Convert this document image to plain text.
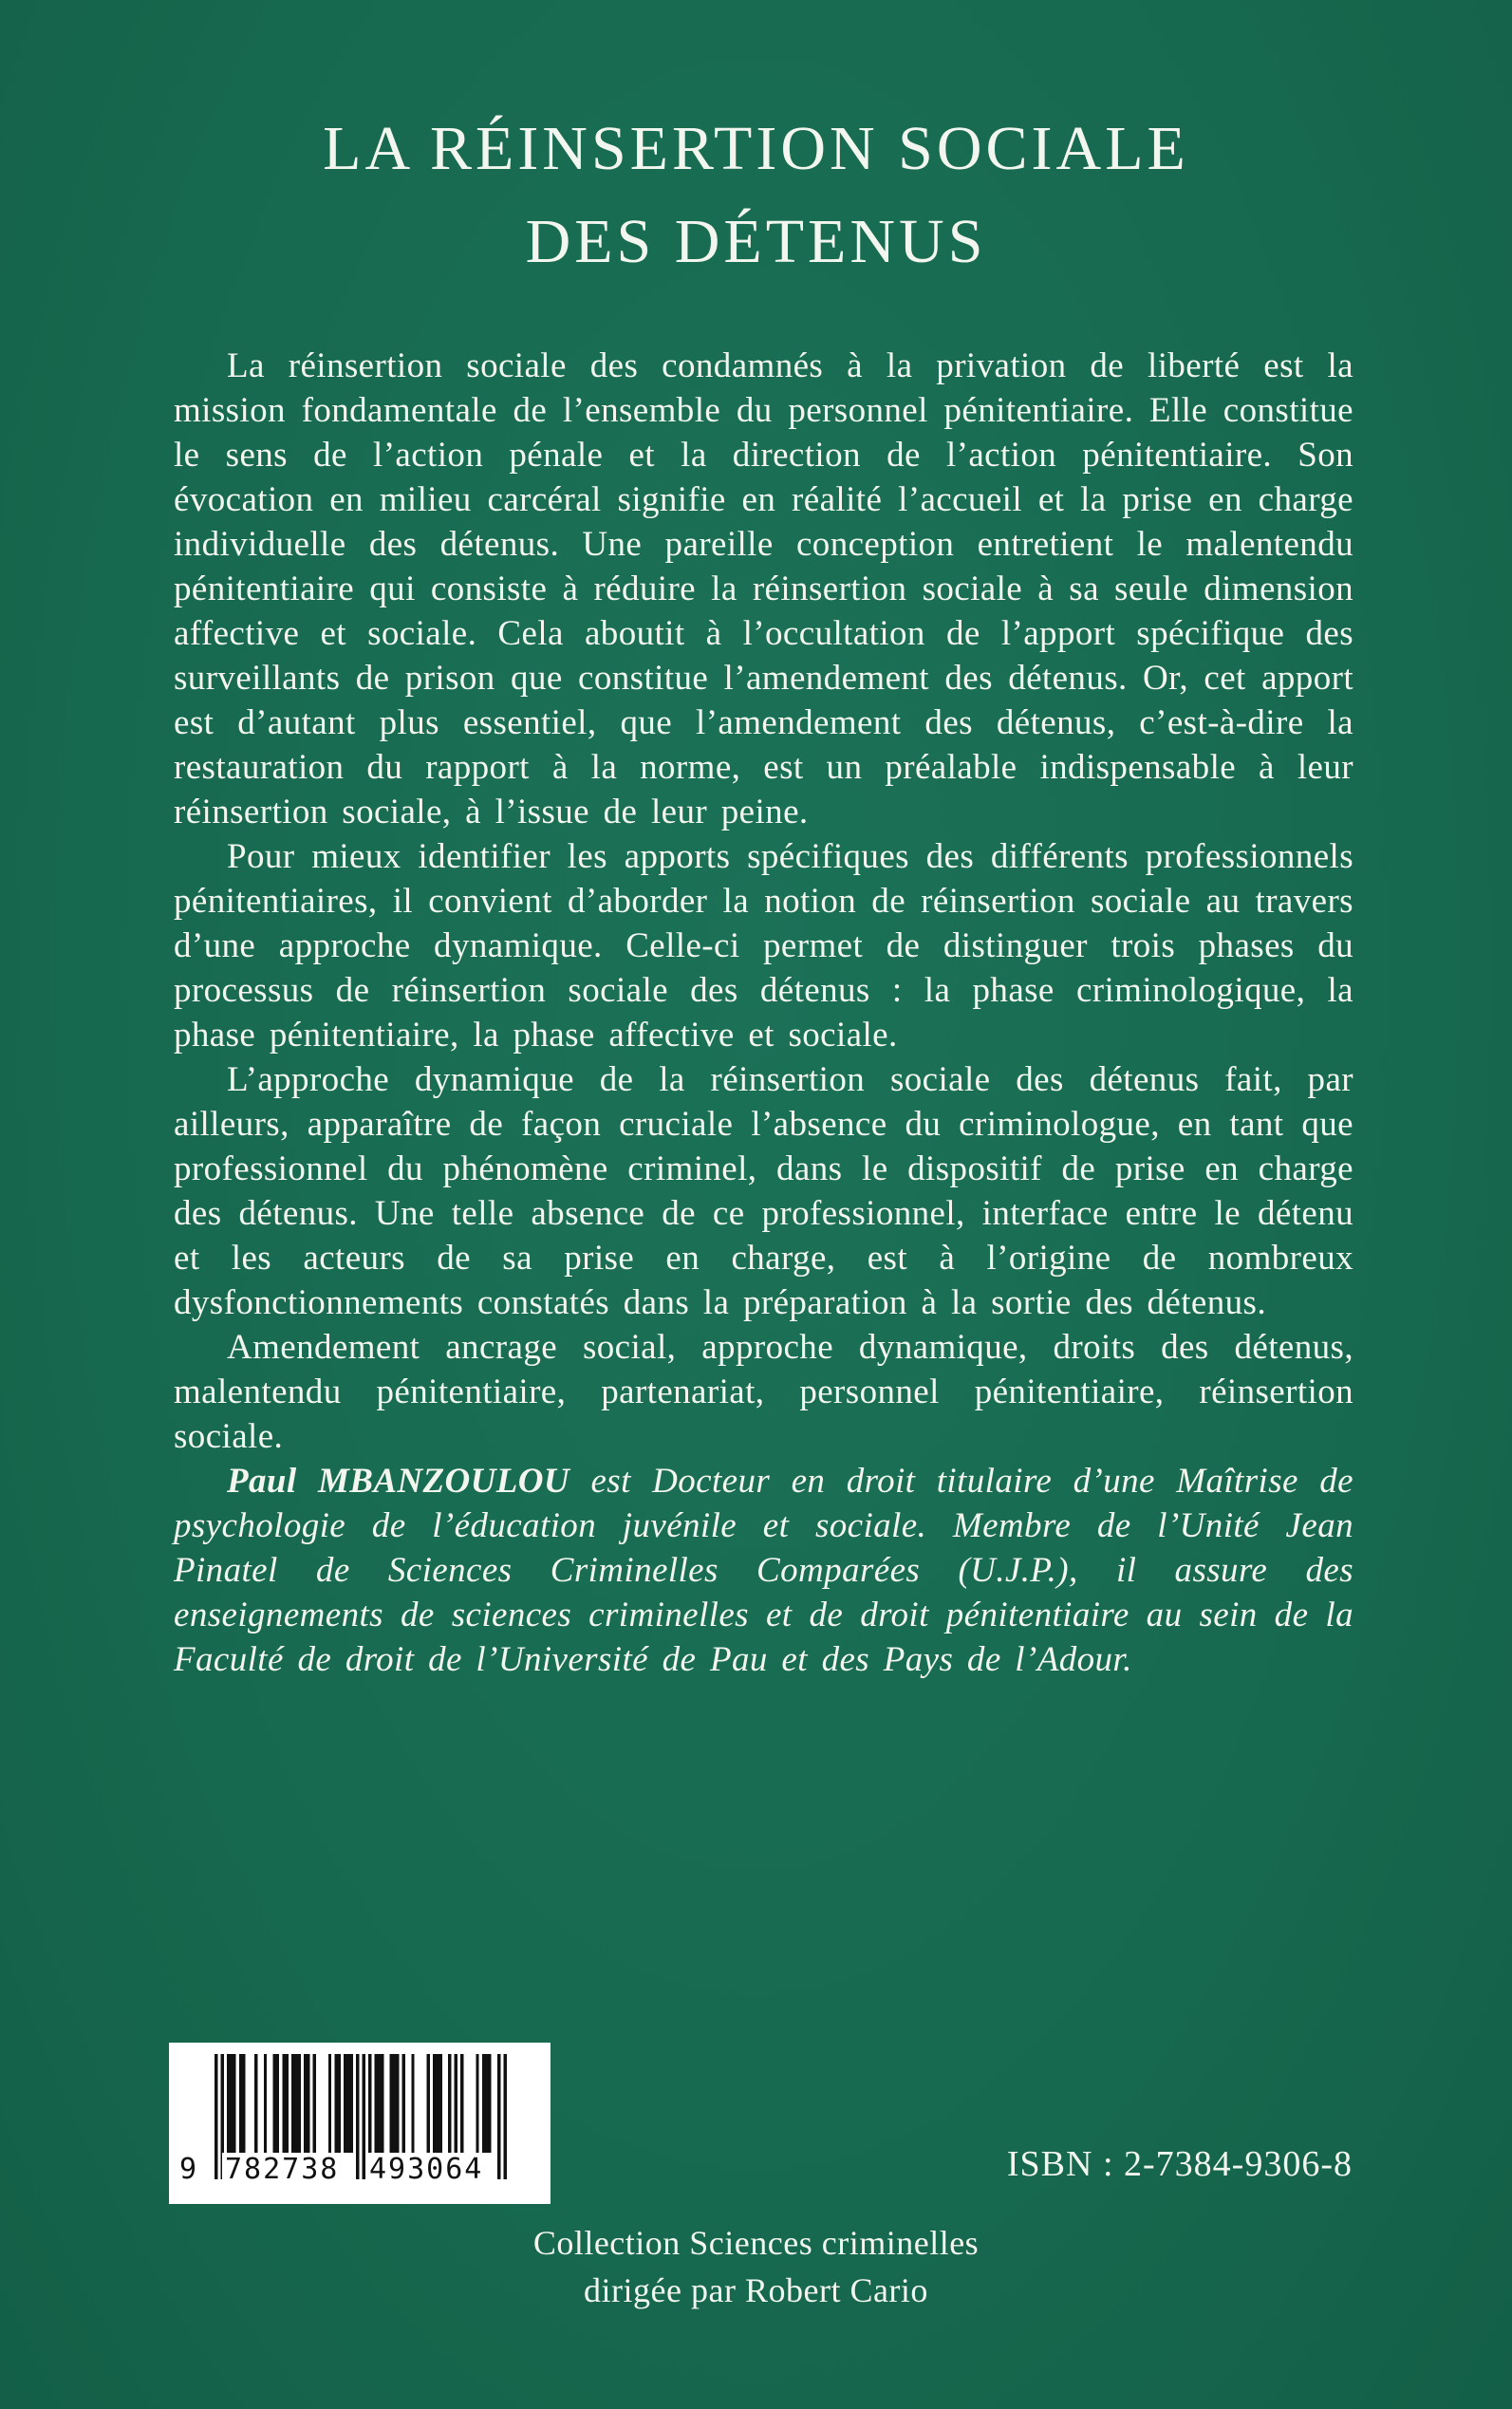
LA RÉINSERTION SOCIALE
DES DÉTENUS

La réinsertion sociale des condamnés à la privation de liberté est la mission fondamentale de l’ensemble du personnel pénitentiaire. Elle constitue le sens de l’action pénale et la direction de l’action pénitentiaire. Son évocation en milieu carcéral signifie en réalité l’accueil et la prise en charge individuelle des détenus. Une pareille conception entretient le malentendu pénitentiaire qui consiste à réduire la réinsertion sociale à sa seule dimension affective et sociale. Cela aboutit à l’occultation de l’apport spécifique des surveillants de prison que constitue l’amendement des détenus. Or, cet apport est d’autant plus essentiel, que l’amendement des détenus, c’est-à-dire la restauration du rapport à la norme, est un préalable indispensable à leur réinsertion sociale, à l’issue de leur peine.

Pour mieux identifier les apports spécifiques des différents professionnels pénitentiaires, il convient d’aborder la notion de réinsertion sociale au travers d’une approche dynamique. Celle-ci permet de distinguer trois phases du processus de réinsertion sociale des détenus : la phase criminologique, la phase pénitentiaire, la phase affective et sociale.

L’approche dynamique de la réinsertion sociale des détenus fait, par ailleurs, apparaître de façon cruciale l’absence du criminologue, en tant que professionnel du phénomène criminel, dans le dispositif de prise en charge des détenus. Une telle absence de ce professionnel, interface entre le détenu et les acteurs de sa prise en charge, est à l’origine de nombreux dysfonctionnements constatés dans la préparation à la sortie des détenus.

Amendement ancrage social, approche dynamique, droits des détenus, malentendu pénitentiaire, partenariat, personnel pénitentiaire, réinsertion sociale.

Paul MBANZOULOU est Docteur en droit titulaire d’une Maîtrise de psychologie de l’éducation juvénile et sociale. Membre de l’Unité Jean Pinatel de Sciences Criminelles Comparées (U.J.P.), il assure des enseignements de sciences criminelles et de droit pénitentiaire au sein de la Faculté de droit de l’Université de Pau et des Pays de l’Adour.

9 782738 493064	ISBN : 2-7384-9306-8
Collection Sciences criminelles
dirigée par Robert Cario
